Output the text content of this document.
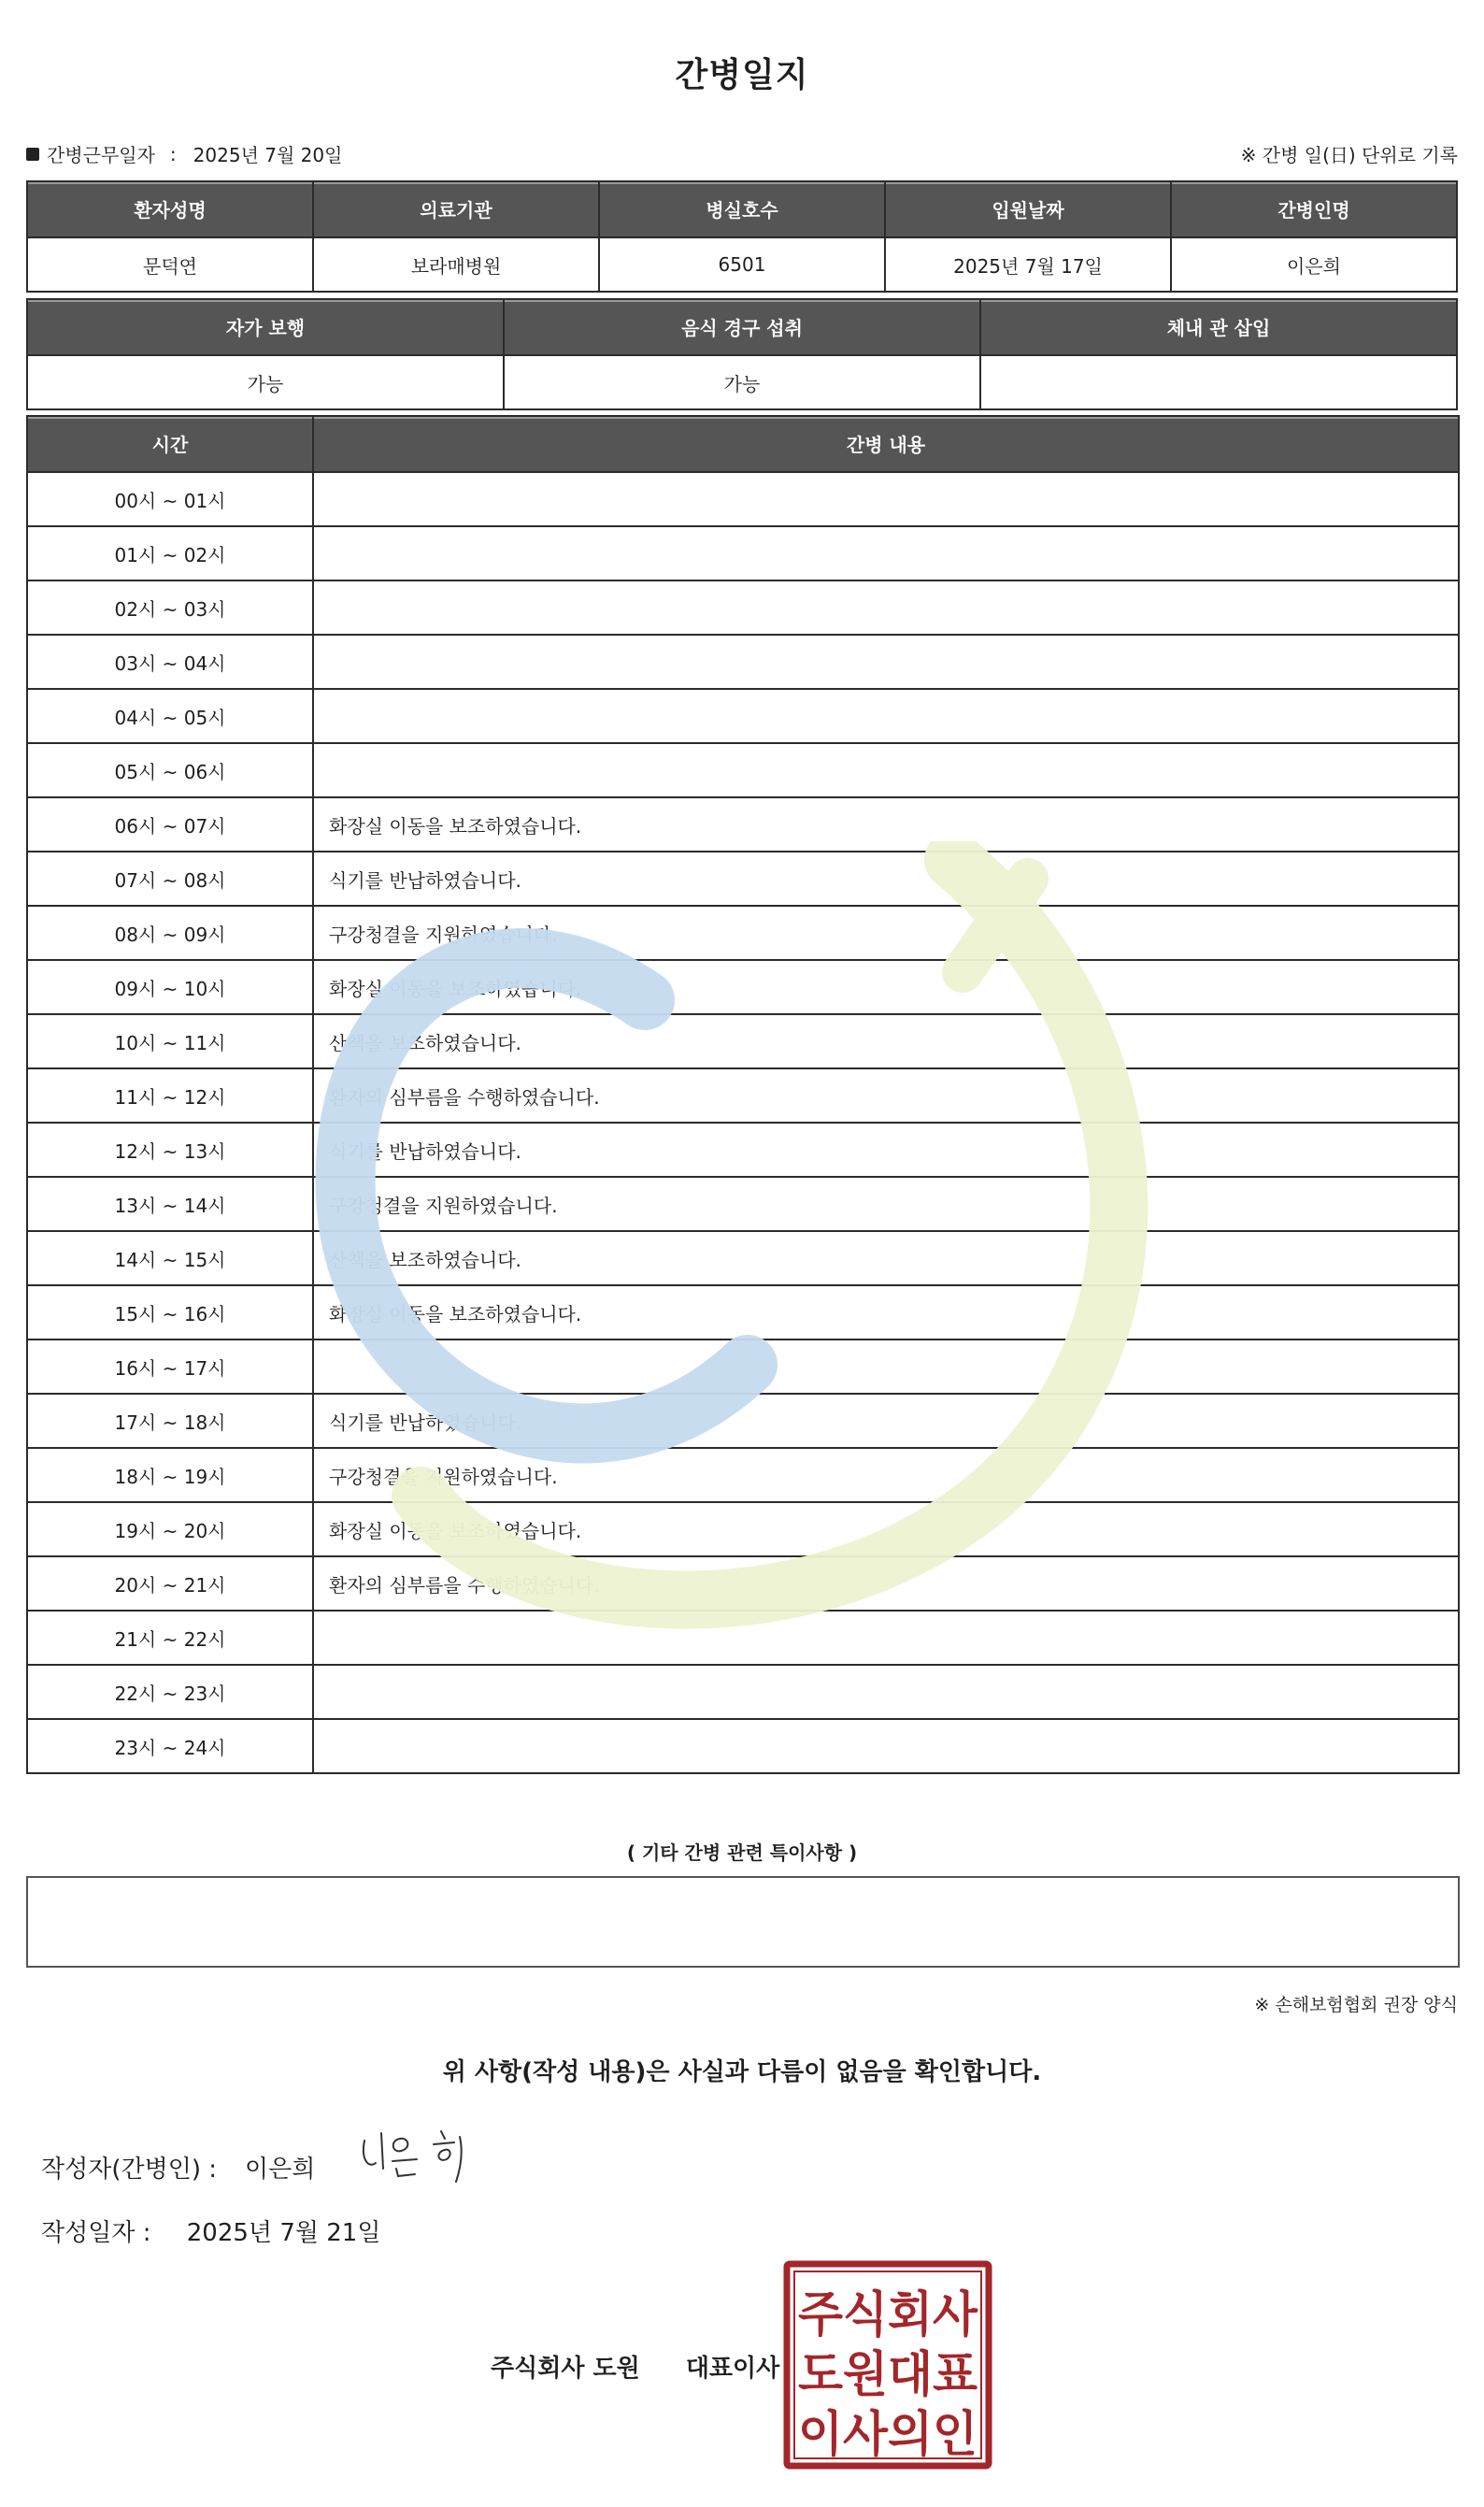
간병일지
간병근무일자 : 2025년 7월 20일	※ 간병 일(日) 단위로 기록
환자성명	의료기관	병실호수	입원날짜	간병인명

문덕연	보라매병원	6501	2025년 7월 17일	이은희
자가 보행	음식 경구 섭취	체내 관 삽입

가능	가능	
시간	간병 내용

00시 ~ 01시	
01시 ~ 02시	
02시 ~ 03시	
03시 ~ 04시	
04시 ~ 05시	
05시 ~ 06시	
06시 ~ 07시	화장실 이동을 보조하였습니다.
07시 ~ 08시	식기를 반납하였습니다.
08시 ~ 09시	구강청결을 지원하였습니다.
09시 ~ 10시	화장실 이동을 보조하였습니다.
10시 ~ 11시	산책을 보조하였습니다.
11시 ~ 12시	환자의 심부름을 수행하였습니다.
12시 ~ 13시	식기를 반납하였습니다.
13시 ~ 14시	구강청결을 지원하였습니다.
14시 ~ 15시	산책을 보조하였습니다.
15시 ~ 16시	화장실 이동을 보조하였습니다.
16시 ~ 17시	
17시 ~ 18시	식기를 반납하였습니다.
18시 ~ 19시	구강청결을 지원하였습니다.
19시 ~ 20시	화장실 이동을 보조하였습니다.
20시 ~ 21시	환자의 심부름을 수행하였습니다.
21시 ~ 22시	
22시 ~ 23시	
23시 ~ 24시	
( 기타 간병 관련 특이사항 )
※ 손해보험협회 권장 양식
위 사항(작성 내용)은 사실과 다름이 없음을 확인합니다.
작성자(간병인) : 이은희
작성일자 : 2025년 7월 21일
주식회사 도원 대표이사
주식회사
도원대표
이사의인
